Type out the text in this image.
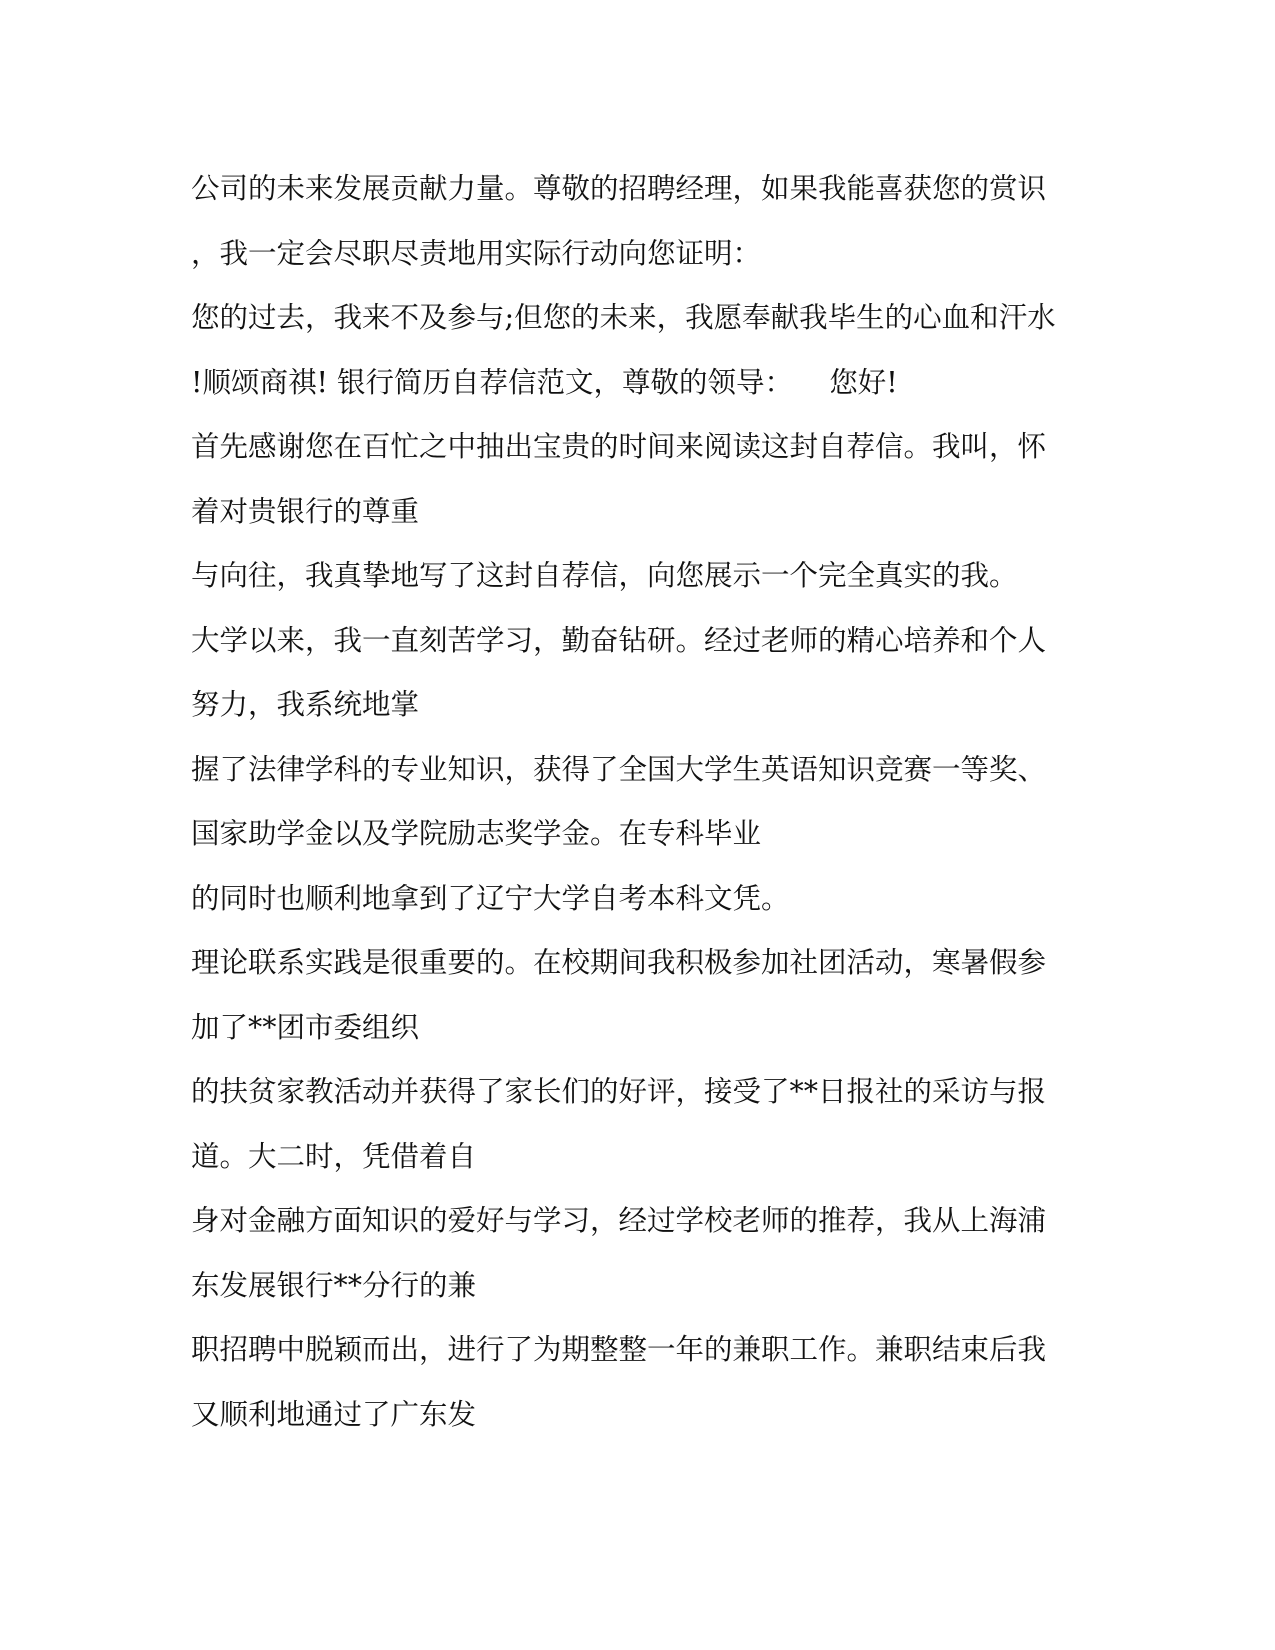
公司的未来发展贡献力量。尊敬的招聘经理，如果我能喜获您的赏识

，我一定会尽职尽责地用实际行动向您证明：

您的过去，我来不及参与;但您的未来，我愿奉献我毕生的心血和汗水

!顺颂商祺! 银行简历自荐信范文，尊敬的领导：    您好!

首先感谢您在百忙之中抽出宝贵的时间来阅读这封自荐信。我叫，怀

着对贵银行的尊重

与向往，我真挚地写了这封自荐信，向您展示一个完全真实的我。

大学以来，我一直刻苦学习，勤奋钻研。经过老师的精心培养和个人

努力，我系统地掌

握了法律学科的专业知识，获得了全国大学生英语知识竞赛一等奖、

国家助学金以及学院励志奖学金。在专科毕业

的同时也顺利地拿到了辽宁大学自考本科文凭。

理论联系实践是很重要的。在校期间我积极参加社团活动，寒暑假参

加了**团市委组织

的扶贫家教活动并获得了家长们的好评，接受了**日报社的采访与报

道。大二时，凭借着自

身对金融方面知识的爱好与学习，经过学校老师的推荐，我从上海浦

东发展银行**分行的兼

职招聘中脱颖而出，进行了为期整整一年的兼职工作。兼职结束后我

又顺利地通过了广东发
